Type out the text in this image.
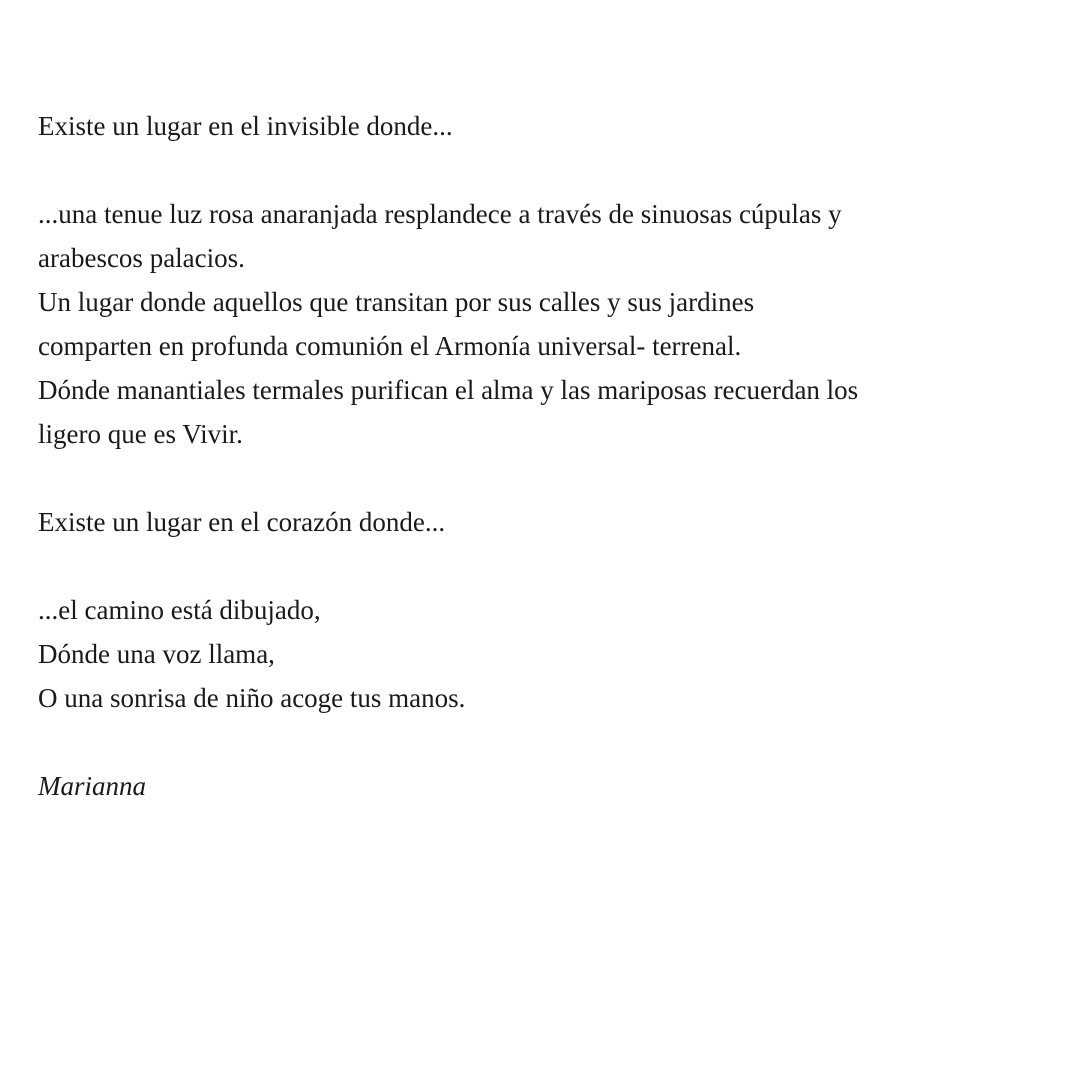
Existe un lugar en el invisible donde...
...una tenue luz rosa anaranjada resplandece a través de sinuosas cúpulas y
arabescos palacios.
Un lugar donde aquellos que transitan por sus calles y sus jardines
comparten en profunda comunión el Armonía universal- terrenal.
Dónde manantiales termales purifican el alma y las mariposas recuerdan los
ligero que es Vivir.
Existe un lugar en el corazón donde...
...el camino está dibujado,
Dónde una voz llama,
O una sonrisa de niño acoge tus manos.
Marianna
